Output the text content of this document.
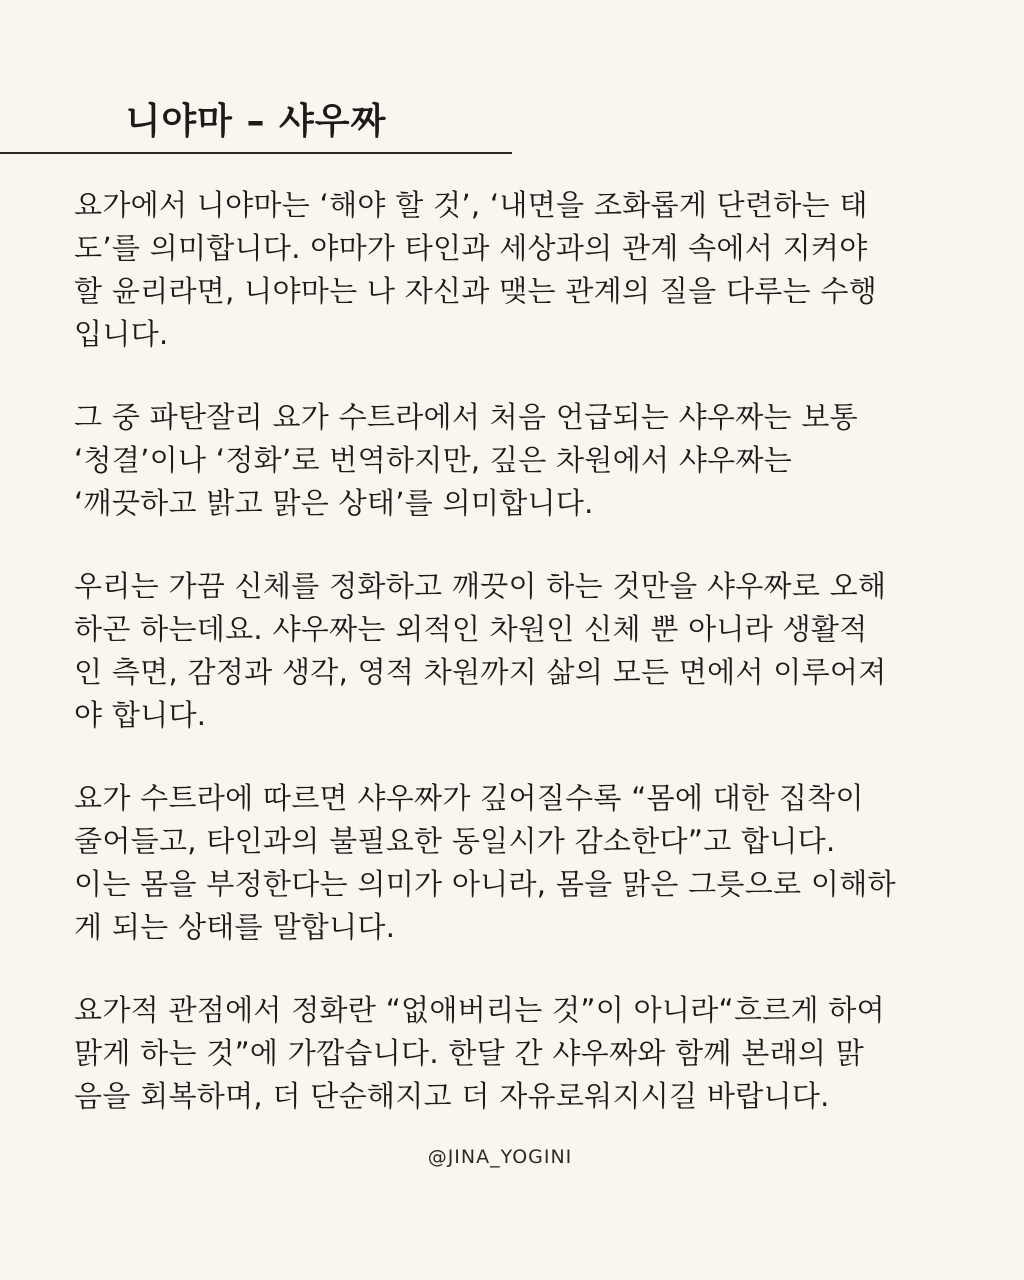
니야마 – 샤우짜

요가에서 니야마는 ‘해야 할 것’, ‘내면을 조화롭게 단련하는 태
도’를 의미합니다. 야마가 타인과 세상과의 관계 속에서 지켜야
할 윤리라면, 니야마는 나 자신과 맺는 관계의 질을 다루는 수행
입니다.

그 중 파탄잘리 요가 수트라에서 처음 언급되는 샤우짜는 보통
‘청결’이나 ‘정화’로 번역하지만, 깊은 차원에서 샤우짜는
‘깨끗하고 밝고 맑은 상태’를 의미합니다.

우리는 가끔 신체를 정화하고 깨끗이 하는 것만을 샤우짜로 오해
하곤 하는데요. 샤우짜는 외적인 차원인 신체 뿐 아니라 생활적
인 측면, 감정과 생각, 영적 차원까지 삶의 모든 면에서 이루어져
야 합니다.

요가 수트라에 따르면 샤우짜가 깊어질수록 “몸에 대한 집착이
줄어들고, 타인과의 불필요한 동일시가 감소한다”고 합니다.
이는 몸을 부정한다는 의미가 아니라, 몸을 맑은 그릇으로 이해하
게 되는 상태를 말합니다.

요가적 관점에서 정화란 “없애버리는 것”이 아니라“흐르게 하여
맑게 하는 것”에 가깝습니다. 한달 간 샤우짜와 함께 본래의 맑
음을 회복하며, 더 단순해지고 더 자유로워지시길 바랍니다.

@JINA_YOGINI
